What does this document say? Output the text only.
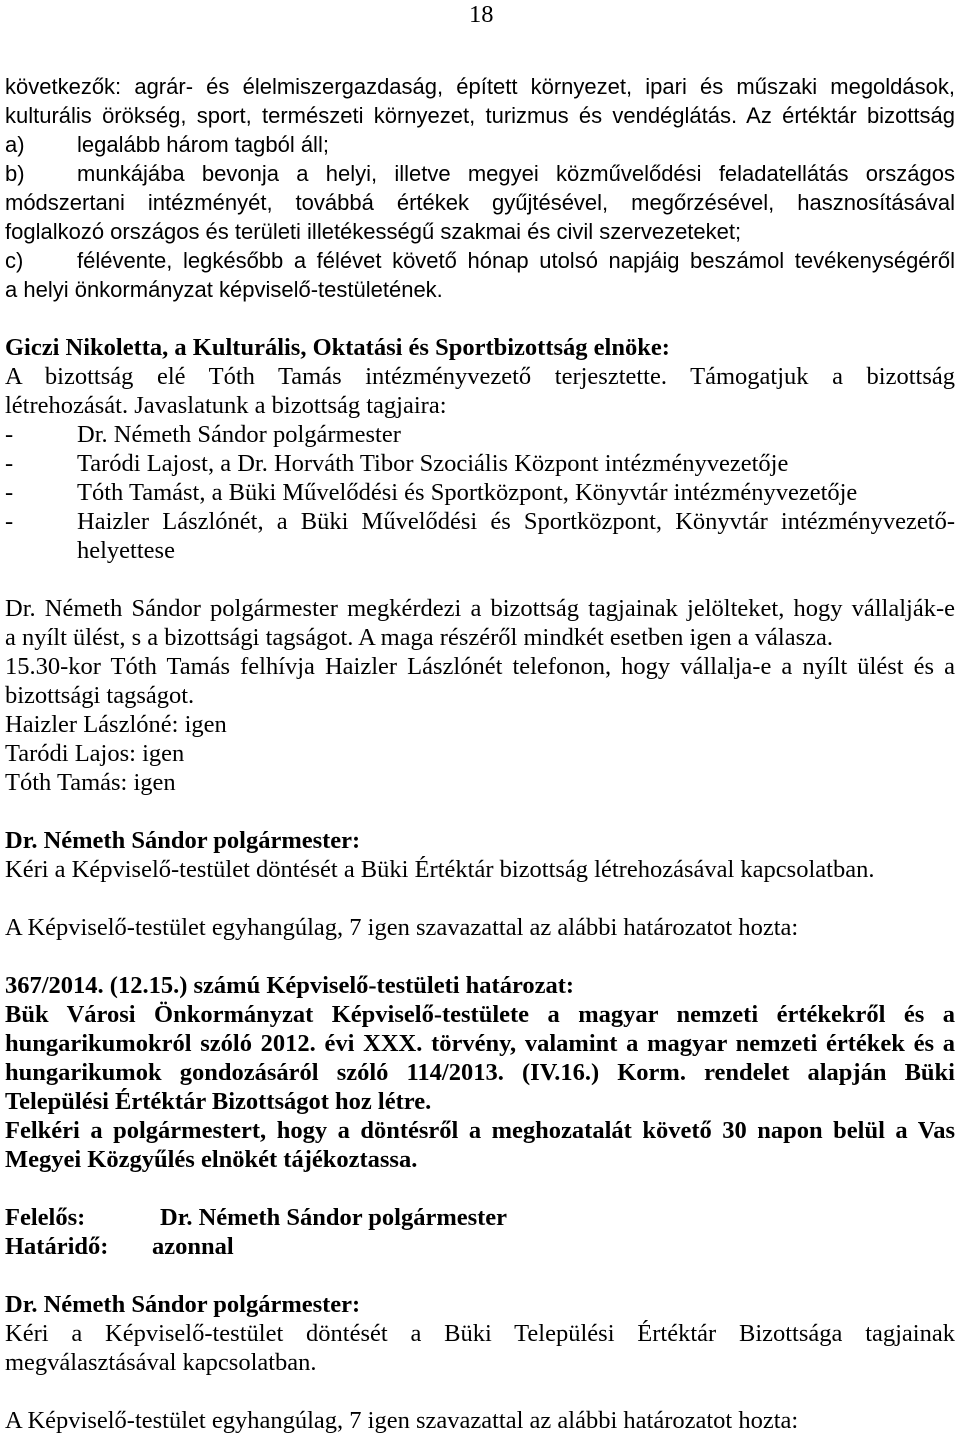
18
következők: agrár- és élelmiszergazdaság, épített környezet, ipari és műszaki megoldások,
kulturális örökség, sport, természeti környezet, turizmus és vendéglátás. Az értéktár bizottság
a) legalább három tagból áll;
b) munkájába bevonja a helyi, illetve megyei közművelődési feladatellátás országos
módszertani intézményét, továbbá értékek gyűjtésével, megőrzésével, hasznosításával
foglalkozó országos és területi illetékességű szakmai és civil szervezeteket;
c) félévente, legkésőbb a félévet követő hónap utolsó napjáig beszámol tevékenységéről
a helyi önkormányzat képviselő-testületének.
Giczi Nikoletta, a Kulturális, Oktatási és Sportbizottság elnöke:
A bizottság elé Tóth Tamás intézményvezető terjesztette. Támogatjuk a bizottság
létrehozását. Javaslatunk a bizottság tagjaira:
-	Dr. Németh Sándor polgármester
-	Taródi Lajost, a Dr. Horváth Tibor Szociális Központ intézményvezetője
-	Tóth Tamást, a Büki Művelődési és Sportközpont, Könyvtár intézményvezetője
-	Haizler Lászlónét, a Büki Művelődési és Sportközpont, Könyvtár intézményvezető-
helyettese
Dr. Németh Sándor polgármester megkérdezi a bizottság tagjainak jelölteket, hogy vállalják-e
a nyílt ülést, s a bizottsági tagságot. A maga részéről mindkét esetben igen a válasza.
15.30-kor Tóth Tamás felhívja Haizler Lászlónét telefonon, hogy vállalja-e a nyílt ülést és a
bizottsági tagságot.
Haizler Lászlóné: igen
Taródi Lajos: igen
Tóth Tamás: igen
Dr. Németh Sándor polgármester:
Kéri a Képviselő-testület döntését a Büki Értéktár bizottság létrehozásával kapcsolatban.
A Képviselő-testület egyhangúlag, 7 igen szavazattal az alábbi határozatot hozta:
367/2014. (12.15.) számú Képviselő-testületi határozat:
Bük Városi Önkormányzat Képviselő-testülete a magyar nemzeti értékekről és a
hungarikumokról szóló 2012. évi XXX. törvény, valamint a magyar nemzeti értékek és a
hungarikumok gondozásáról szóló 114/2013. (IV.16.) Korm. rendelet alapján Büki
Települési Értéktár Bizottságot hoz létre.
Felkéri a polgármestert, hogy a döntésről a meghozatalát követő 30 napon belül a Vas
Megyei Közgyűlés elnökét tájékoztassa.
Felelős:	Dr. Németh Sándor polgármester
Határidő: azonnal
Dr. Németh Sándor polgármester:
Kéri a Képviselő-testület döntését a Büki Települési Értéktár Bizottsága tagjainak
megválasztásával kapcsolatban.
A Képviselő-testület egyhangúlag, 7 igen szavazattal az alábbi határozatot hozta:
